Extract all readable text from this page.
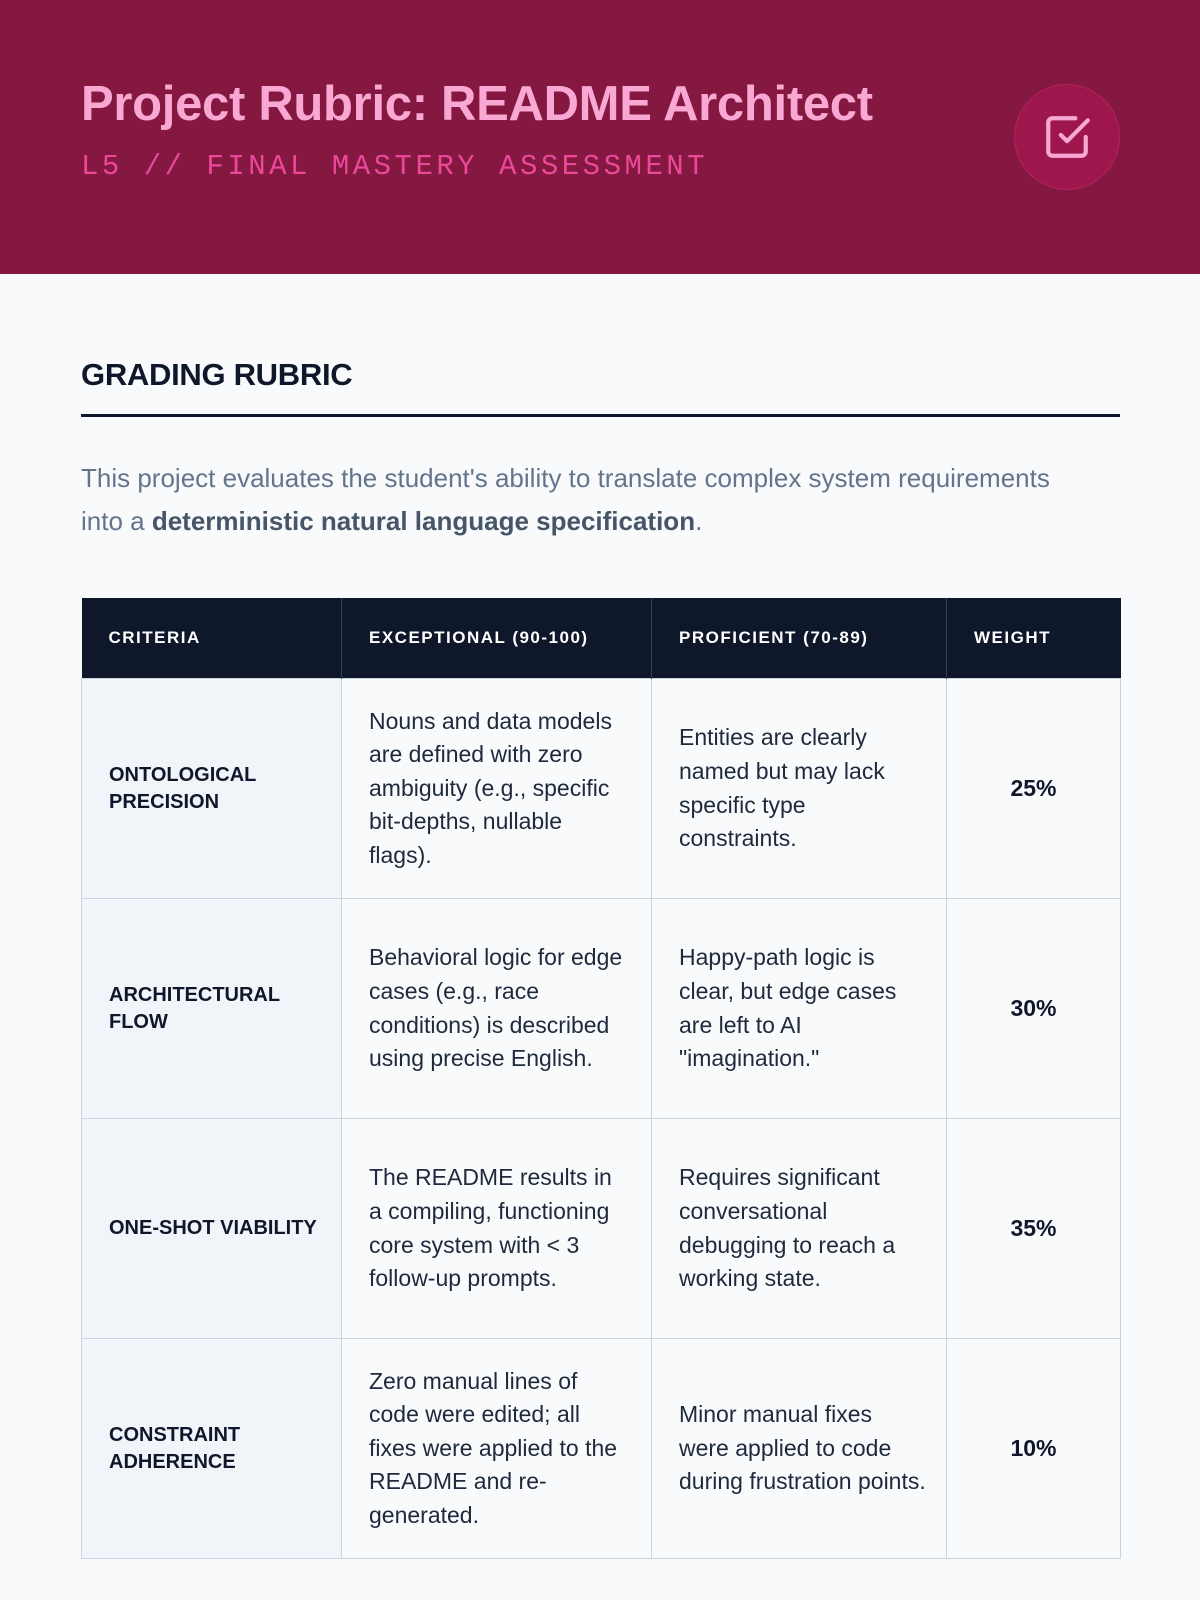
Project Rubric: README Architect
L5 // FINAL MASTERY ASSESSMENT
GRADING RUBRIC

This project evaluates the student's ability to translate complex system requirements into a deterministic natural language specification.

CRITERIA	EXCEPTIONAL (90-100)	PROFICIENT (70-89)	WEIGHT
ONTOLOGICAL PRECISION	Nouns and data models are defined with zero ambiguity (e.g., specific bit-depths, nullable flags).	Entities are clearly named but may lack specific type constraints.	25%
ARCHITECTURAL FLOW	Behavioral logic for edge cases (e.g., race conditions) is described using precise English.	Happy-path logic is clear, but edge cases are left to AI "imagination."	30%
ONE-SHOT VIABILITY	The README results in a compiling, functioning core system with < 3 follow-up prompts.	Requires significant conversational debugging to reach a working state.	35%
CONSTRAINT ADHERENCE	Zero manual lines of code were edited; all fixes were applied to the README and re-generated.	Minor manual fixes were applied to code during frustration points.	10%
